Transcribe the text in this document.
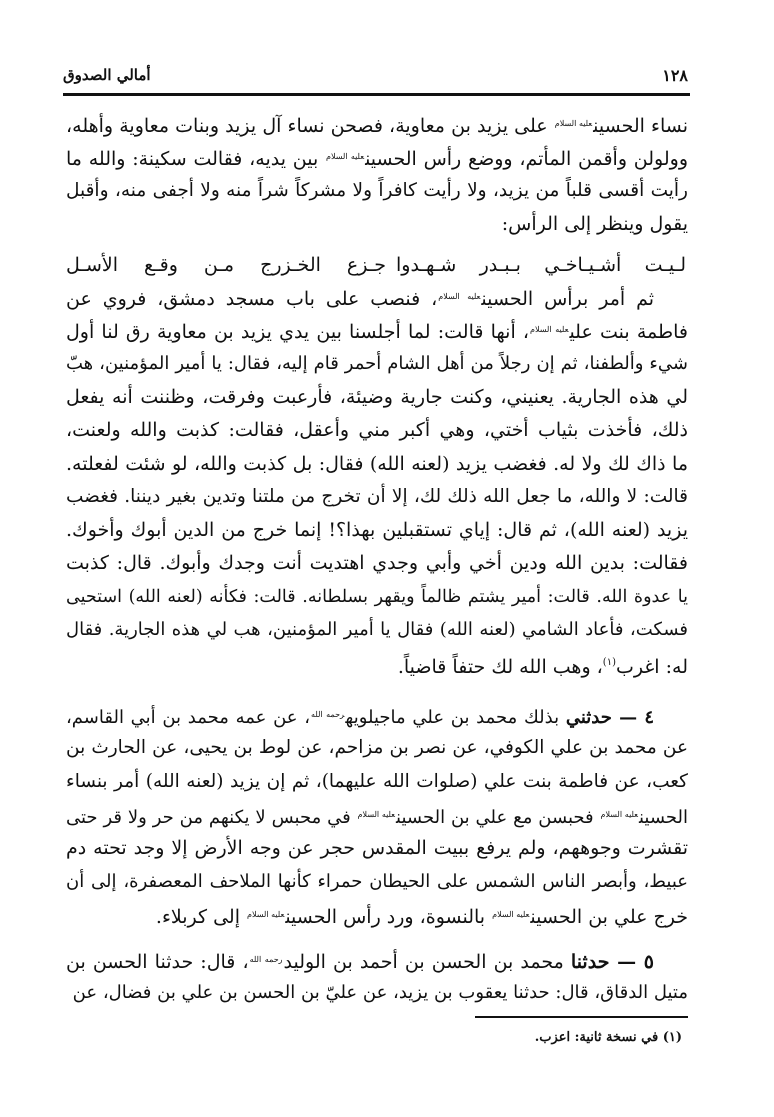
أمالي الصدوق	١٢٨
نساء الحسين$^{عليه السلام}$ على يزيد بن معاوية، فصحن نساء آل يزيد وبنات معاوية وأهله،
وولولن وأقمن المأتم، ووضع رأس الحسين$^{عليه السلام}$ بين يديه، فقالت سكينة: والله ما
رأيت أقسى قلباً من يزيد، ولا رأيت كافراً ولا مشركاً شراً منه ولا أجفى منه، وأقبل
يقول وينظر إلى الرأس:
ثم أمر برأس الحسين$^{عليه السلام}$، فنصب على باب مسجد دمشق، فروي عن
فاطمة بنت علي$^{عليه السلام}$، أنها قالت: لما أجلسنا بين يدي يزيد بن معاوية رق لنا أول
شيء وألطفنا، ثم إن رجلاً من أهل الشام أحمر قام إليه، فقال: يا أمير المؤمنين، هبّ
لي هذه الجارية. يعنيني، وكنت جارية وضيئة، فأرعبت وفرقت، وظننت أنه يفعل
ذلك، فأخذت بثياب أختي، وهي أكبر مني وأعقل، فقالت: كذبت والله ولعنت،
ما ذاك لك ولا له. فغضب يزيد (لعنه الله) فقال: بل كذبت والله، لو شئت لفعلته.
قالت: لا والله، ما جعل الله ذلك لك، إلا أن تخرج من ملتنا وتدين بغير ديننا. فغضب
يزيد (لعنه الله)، ثم قال: إياي تستقبلين بهذا؟! إنما خرج من الدين أبوك وأخوك.
فقالت: بدين الله ودين أخي وأبي وجدي اهتديت أنت وجدك وأبوك. قال: كذبت
يا عدوة الله. قالت: أمير يشتم ظالماً ويقهر بسلطانه. قالت: فكأنه (لعنه الله) استحيى
فسكت، فأعاد الشامي (لعنه الله) فقال يا أمير المؤمنين، هب لي هذه الجارية. فقال
له: اغرب$^{(١)}$، وهب الله لك حتفاً قاضياً.
٤ — حدثني بذلك محمد بن علي ماجيلويه$^{رحمه الله}$، عن عمه محمد بن أبي القاسم،
عن محمد بن علي الكوفي، عن نصر بن مزاحم، عن لوط بن يحيى، عن الحارث بن
كعب، عن فاطمة بنت علي (صلوات الله عليهما)، ثم إن يزيد (لعنه الله) أمر بنساء
الحسين$^{عليه السلام}$ فحبسن مع علي بن الحسين$^{عليه السلام}$ في محبس لا يكنهم من حر ولا قر حتى
تقشرت وجوههم، ولم يرفع ببيت المقدس حجر عن وجه الأرض إلا وجد تحته دم
عبيط، وأبصر الناس الشمس على الحيطان حمراء كأنها الملاحف المعصفرة، إلى أن
خرج علي بن الحسين$^{عليه السلام}$ بالنسوة، ورد رأس الحسين$^{عليه السلام}$ إلى كربلاء.
٥ — حدثنا محمد بن الحسن بن أحمد بن الوليد$^{رحمه الله}$، قال: حدثنا الحسن بن
متيل الدقاق، قال: حدثنا يعقوب بن يزيد، عن عليّ بن الحسن بن علي بن فضال، عن
لـيـت أشـيـاخـي بـبـدر شـهـدوا
جـزع الخـزرج مـن وقـع الأسـل
(١) في نسخة ثانية: اعزب.
